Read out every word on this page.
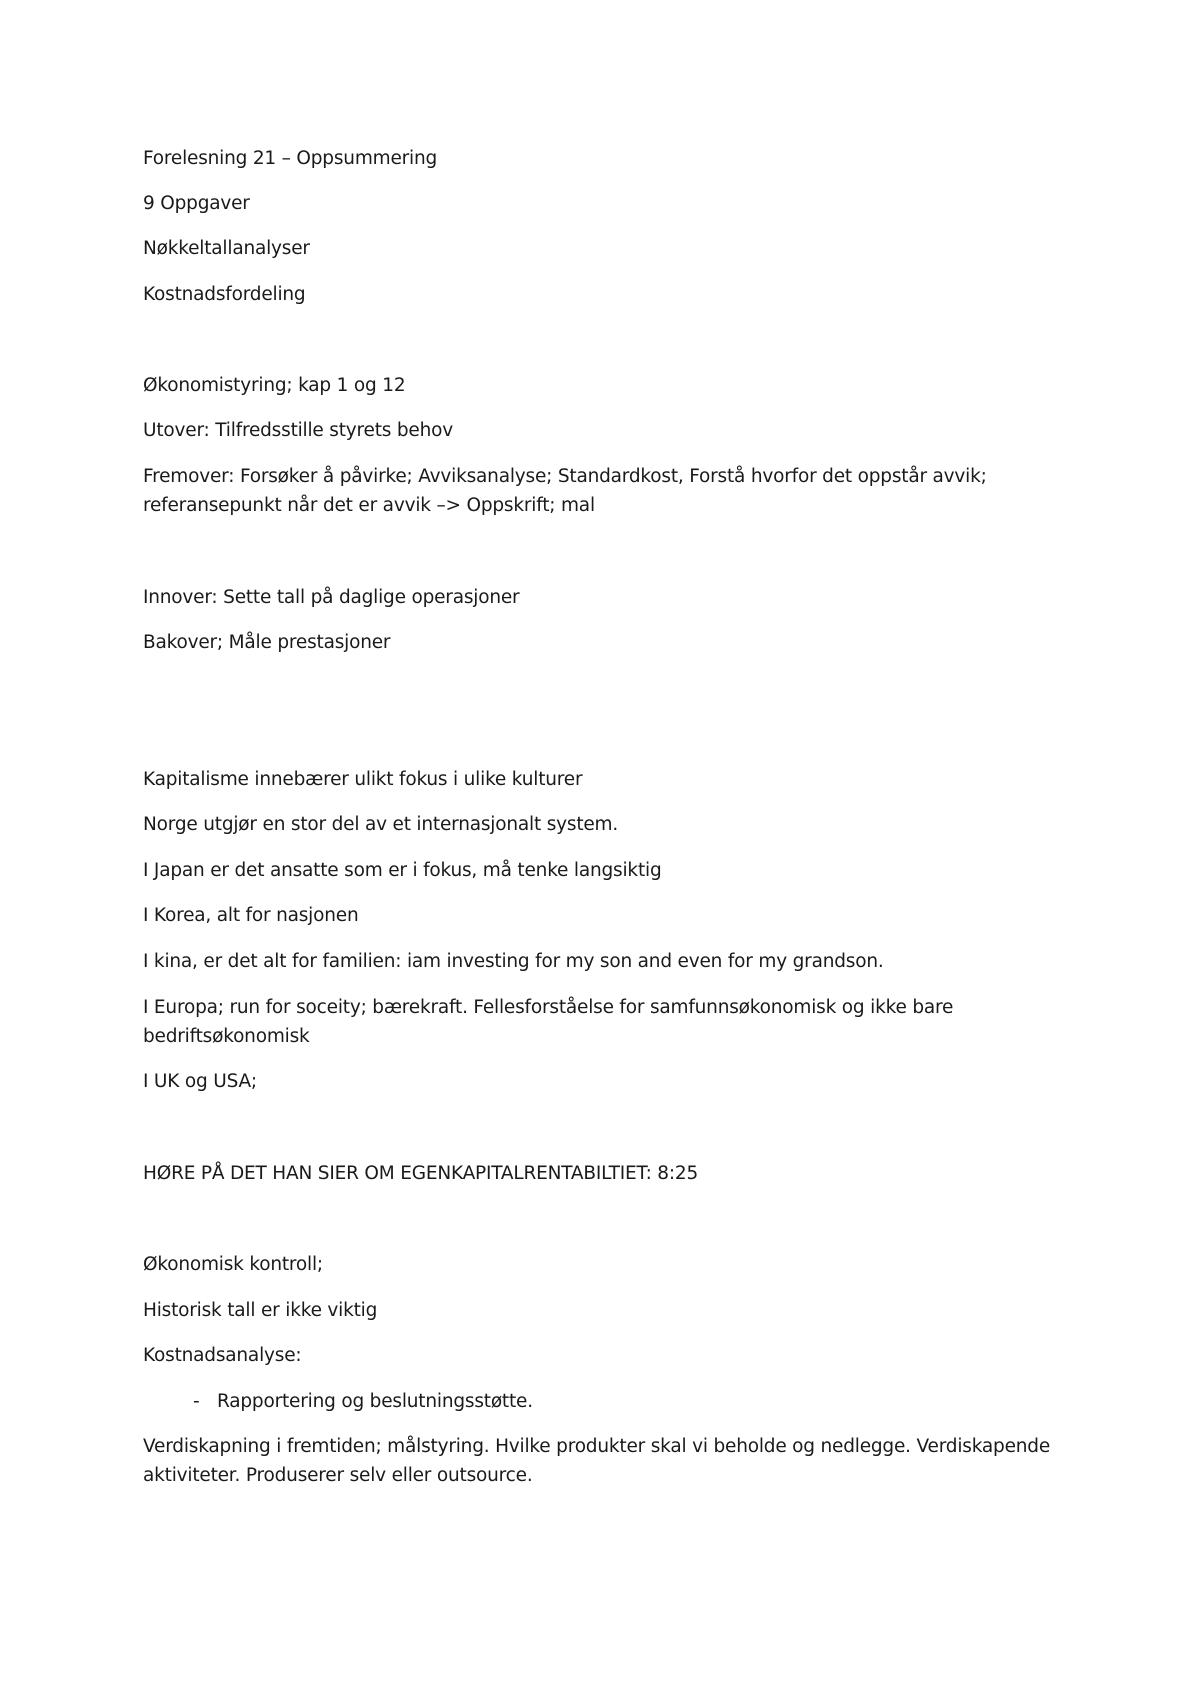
Forelesning 21 – Oppsummering
9 Oppgaver
Nøkkeltallanalyser
Kostnadsfordeling
Økonomistyring; kap 1 og 12
Utover: Tilfredsstille styrets behov
Fremover: Forsøker å påvirke; Avviksanalyse; Standardkost, Forstå hvorfor det oppstår avvik;
referansepunkt når det er avvik –> Oppskrift; mal
Innover: Sette tall på daglige operasjoner
Bakover; Måle prestasjoner
Kapitalisme innebærer ulikt fokus i ulike kulturer
Norge utgjør en stor del av et internasjonalt system.
I Japan er det ansatte som er i fokus, må tenke langsiktig
I Korea, alt for nasjonen
I kina, er det alt for familien: iam investing for my son and even for my grandson.
I Europa; run for soceity; bærekraft. Fellesforståelse for samfunnsøkonomisk og ikke bare
bedriftsøkonomisk
I UK og USA;
HØRE PÅ DET HAN SIER OM EGENKAPITALRENTABILTIET: 8:25
Økonomisk kontroll;
Historisk tall er ikke viktig
Kostnadsanalyse:
- Rapportering og beslutningsstøtte.
Verdiskapning i fremtiden; målstyring. Hvilke produkter skal vi beholde og nedlegge. Verdiskapende
aktiviteter. Produserer selv eller outsource.
